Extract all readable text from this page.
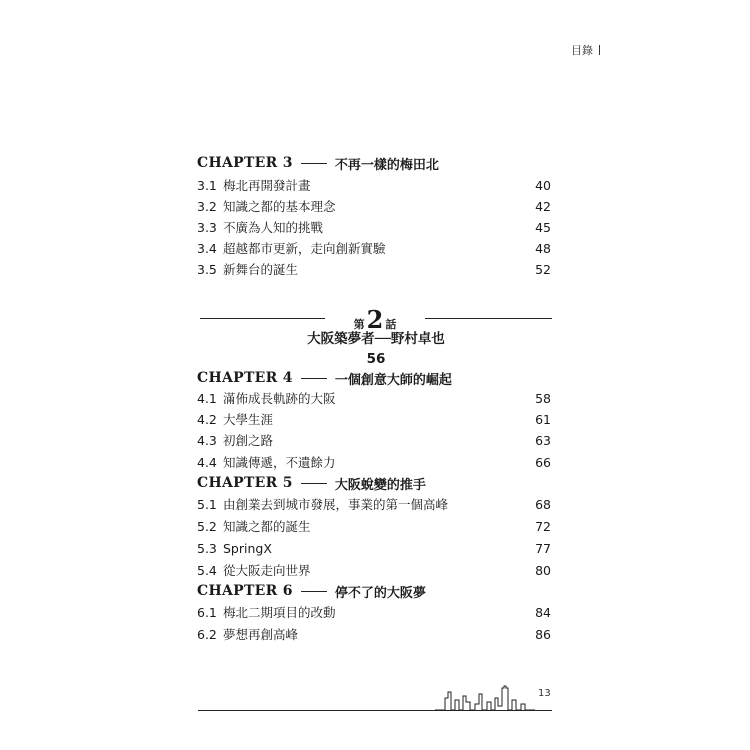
目錄
CHAPTER 3	不再一樣的梅田北
3.1 梅北再開發計畫	40
3.2 知識之都的基本理念	42
3.3 不廣為人知的挑戰	45
3.4 超越都市更新，走向創新實驗	48
3.5 新舞台的誕生	52
第 2 話
大阪築夢者──野村卓也
56
CHAPTER 4	一個創意大師的崛起
4.1 滿佈成長軌跡的大阪	58
4.2 大學生涯	61
4.3 初創之路	63
4.4 知識傳遞，不遺餘力	66
CHAPTER 5	大阪蛻變的推手
5.1 由創業去到城市發展，事業的第一個高峰	68
5.2 知識之都的誕生	72
5.3 SpringX	77
5.4 從大阪走向世界	80
CHAPTER 6	停不了的大阪夢
6.1 梅北二期項目的改動	84
6.2 夢想再創高峰	86
13
